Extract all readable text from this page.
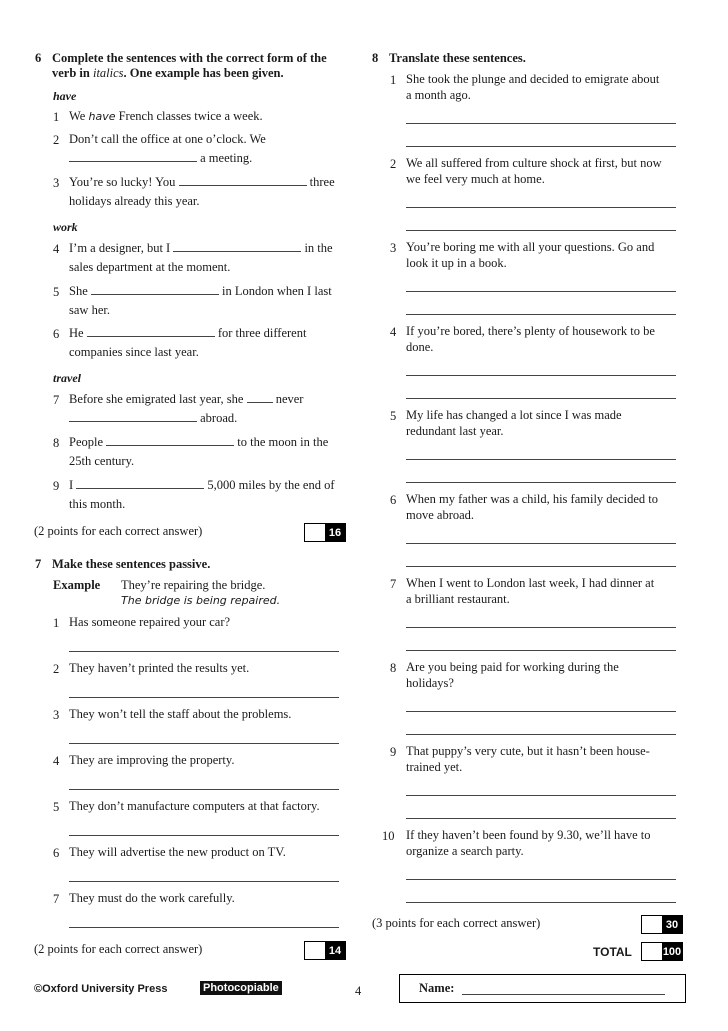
6 Complete the sentences with the correct form of the
verb in italics. One example has been given.
have
1 We have French classes twice a week.
2 Don’t call the office at one o’clock. We
a meeting.
3 You’re so lucky! You	three
holidays already this year.
work
4 I’m a designer, but I	in the
sales department at the moment.
5 She	in London when I last
saw her.
6 He	for three different
companies since last year.
travel
7 Before she emigrated last year, she  never
abroad.
8 People	to the moon in the
25th century.
9 I	5,000 miles by the end of
this month.
(2 points for each correct answer)	16
7 Make these sentences passive.
Example They’re repairing the bridge.
The bridge is being repaired.
1 Has someone repaired your car?
2 They haven’t printed the results yet.
3 They won’t tell the staff about the problems.
4 They are improving the property.
5 They don’t manufacture computers at that factory.
6 They will advertise the new product on TV.
7 They must do the work carefully.
(2 points for each correct answer)	14
8 Translate these sentences.
1 She took the plunge and decided to emigrate about
a month ago.
2 We all suffered from culture shock at first, but now
we feel very much at home.
3 You’re boring me with all your questions. Go and
look it up in a book.
4 If you’re bored, there’s plenty of housework to be
done.
5 My life has changed a lot since I was made
redundant last year.
6 When my father was a child, his family decided to
move abroad.
7 When I went to London last week, I had dinner at
a brilliant restaurant.
8 Are you being paid for working during the
holidays?
9 That puppy’s very cute, but it hasn’t been house-
trained yet.
10 If they haven’t been found by 9.30, we’ll have to
organize a search party.
(3 points for each correct answer)	30
TOTAL	100
©Oxford University Press	Photocopiable	4	Name:
